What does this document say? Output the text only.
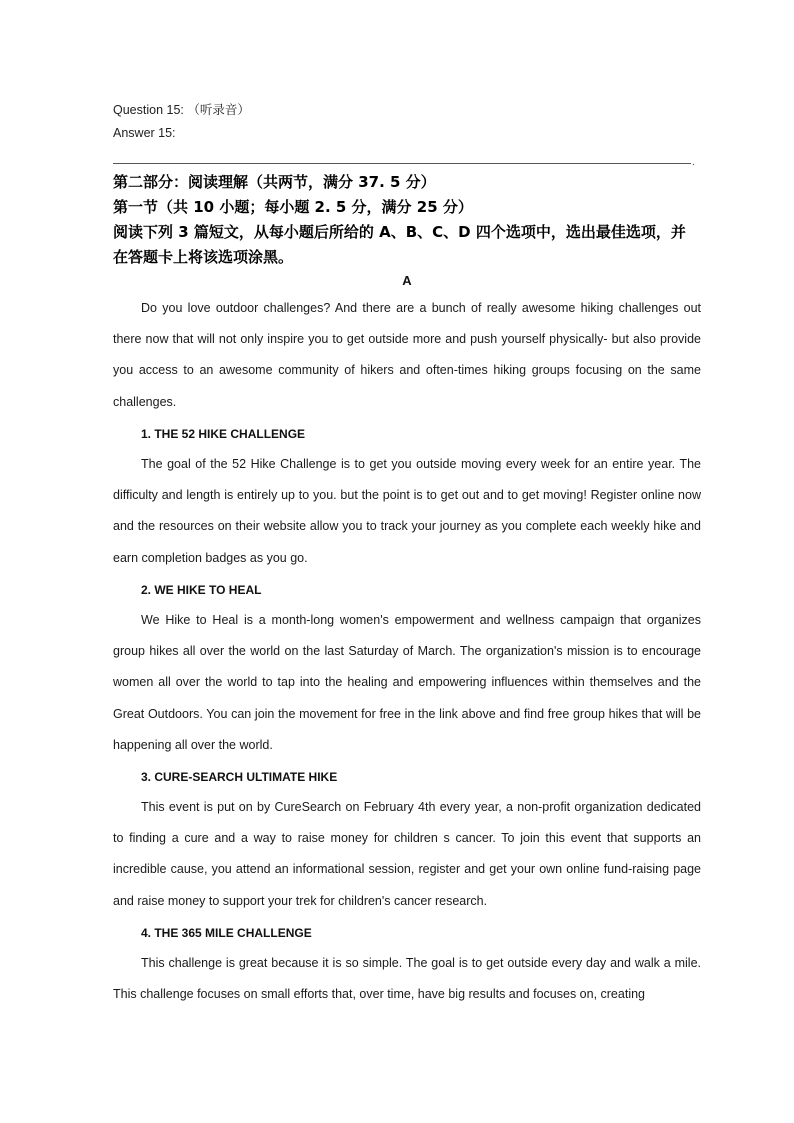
Question 15: （听录音）
Answer 15:
.
第二部分：阅读理解（共两节，满分 37. 5 分）
第一节（共 10 小题；每小题 2. 5 分，满分 25 分）
阅读下列 3 篇短文，从每小题后所给的 A、B、C、D 四个选项中，选出最佳选项，并
在答题卡上将该选项涂黑。
A
Do you love outdoor challenges? And there are a bunch of really awesome hiking challenges out there now that will not only inspire you to get outside more and push yourself physically- but also provide you access to an awesome community of hikers and often-times hiking groups focusing on the same challenges.
1. THE 52 HIKE CHALLENGE
The goal of the 52 Hike Challenge is to get you outside moving every week for an entire year. The difficulty and length is entirely up to you. but the point is to get out and to get moving! Register online now and the resources on their website allow you to track your journey as you complete each weekly hike and earn completion badges as you go.
2. WE HIKE TO HEAL
We Hike to Heal is a month-long women's empowerment and wellness campaign that organizes group hikes all over the world on the last Saturday of March. The organization's mission is to encourage women all over the world to tap into the healing and empowering influences within themselves and the Great Outdoors. You can join the movement for free in the link above and find free group hikes that will be happening all over the world.
3. CURE-SEARCH ULTIMATE HIKE
This event is put on by CureSearch on February 4th every year, a non-profit organization dedicated to finding a cure and a way to raise money for children s cancer. To join this event that supports an incredible cause, you attend an informational session, register and get your own online fund-raising page and raise money to support your trek for children's cancer research.
4. THE 365 MILE CHALLENGE
This challenge is great because it is so simple. The goal is to get outside every day and walk a mile. This challenge focuses on small efforts that, over time, have big results and focuses on, creating
